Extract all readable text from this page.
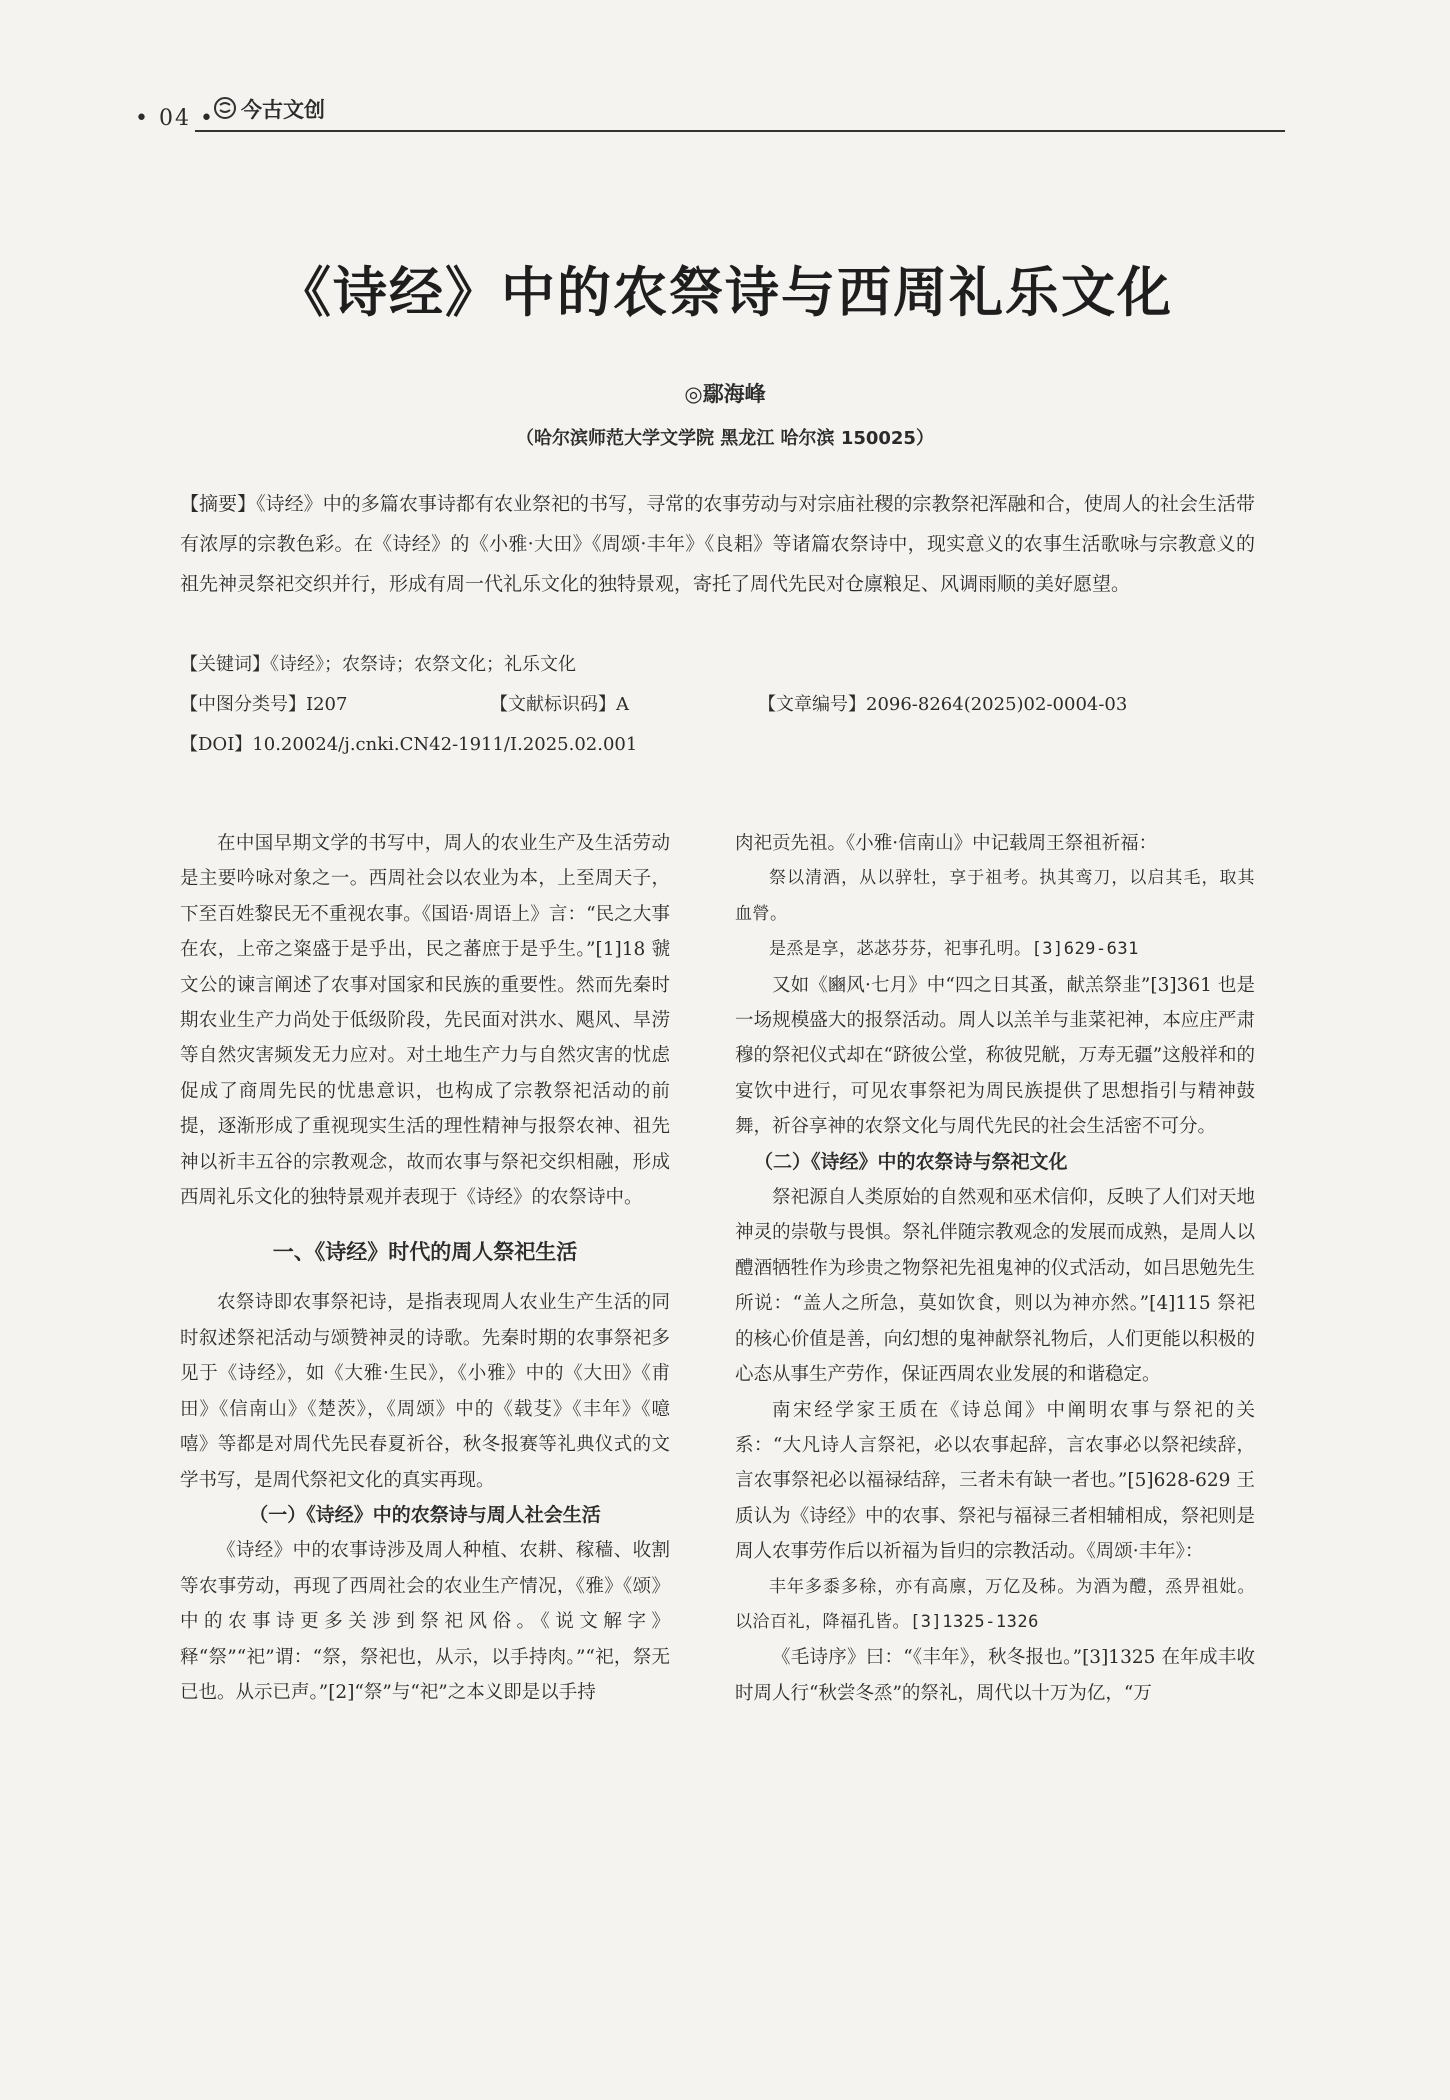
• 04 • 今古文创
《诗经》中的农祭诗与西周礼乐文化
◎鄢海峰
（哈尔滨师范大学文学院 黑龙江 哈尔滨 150025）

【摘要】《诗经》中的多篇农事诗都有农业祭祀的书写，寻常的农事劳动与对宗庙社稷的宗教祭祀浑融和合，使周人的社会生活带有浓厚的宗教色彩。在《诗经》的《小雅·大田》《周颂·丰年》《良耜》等诸篇农祭诗中，现实意义的农事生活歌咏与宗教意义的祖先神灵祭祀交织并行，形成有周一代礼乐文化的独特景观，寄托了周代先民对仓廪粮足、风调雨顺的美好愿望。

【关键词】《诗经》；农祭诗；农祭文化；礼乐文化
【中图分类号】I207	【文献标识码】A	【文章编号】2096-8264(2025)02-0004-03
【DOI】10.20024/j.cnki.CN42-1911/I.2025.02.001

在中国早期文学的书写中，周人的农业生产及生活劳动是主要吟咏对象之一。西周社会以农业为本，上至周天子，下至百姓黎民无不重视农事。《国语·周语上》言：“民之大事在农，上帝之粢盛于是乎出，民之蕃庶于是乎生。”[1]18 虢文公的谏言阐述了农事对国家和民族的重要性。然而先秦时期农业生产力尚处于低级阶段，先民面对洪水、飓风、旱涝等自然灾害频发无力应对。对土地生产力与自然灾害的忧虑促成了商周先民的忧患意识，也构成了宗教祭祀活动的前提，逐渐形成了重视现实生活的理性精神与报祭农神、祖先神以祈丰五谷的宗教观念，故而农事与祭祀交织相融，形成西周礼乐文化的独特景观并表现于《诗经》的农祭诗中。

一、《诗经》时代的周人祭祀生活

农祭诗即农事祭祀诗，是指表现周人农业生产生活的同时叙述祭祀活动与颂赞神灵的诗歌。先秦时期的农事祭祀多见于《诗经》，如《大雅·生民》，《小雅》中的《大田》《甫田》《信南山》《楚茨》，《周颂》中的《载芟》《丰年》《噫嘻》等都是对周代先民春夏祈谷，秋冬报赛等礼典仪式的文学书写，是周代祭祀文化的真实再现。

（一）《诗经》中的农祭诗与周人社会生活

《诗经》中的农事诗涉及周人种植、农耕、稼穑、收割等农事劳动，再现了西周社会的农业生产情况，《雅》《颂》中的农事诗更多关涉到祭祀风俗。《说文解字》释“祭”“祀”谓：“祭，祭祀也，从示，以手持肉。”“祀，祭无已也。从示已声。”[2]“祭”与“祀”之本义即是以手持

肉祀贡先祖。《小雅·信南山》中记载周王祭祖祈福：

祭以清酒，从以骍牡，享于祖考。执其鸾刀，以启其毛，取其血膋。

是烝是享，苾苾芬芬，祀事孔明。[3]629-631

又如《豳风·七月》中“四之日其蚤，献羔祭韭”[3]361 也是一场规模盛大的报祭活动。周人以羔羊与韭菜祀神，本应庄严肃穆的祭祀仪式却在“跻彼公堂，称彼兕觥，万寿无疆”这般祥和的宴饮中进行，可见农事祭祀为周民族提供了思想指引与精神鼓舞，祈谷享神的农祭文化与周代先民的社会生活密不可分。

（二）《诗经》中的农祭诗与祭祀文化

祭祀源自人类原始的自然观和巫术信仰，反映了人们对天地神灵的崇敬与畏惧。祭礼伴随宗教观念的发展而成熟，是周人以醴酒牺牲作为珍贵之物祭祀先祖鬼神的仪式活动，如吕思勉先生所说：“盖人之所急，莫如饮食，则以为神亦然。”[4]115 祭祀的核心价值是善，向幻想的鬼神献祭礼物后，人们更能以积极的心态从事生产劳作，保证西周农业发展的和谐稳定。

南宋经学家王质在《诗总闻》中阐明农事与祭祀的关系：“大凡诗人言祭祀，必以农事起辞，言农事必以祭祀续辞，言农事祭祀必以福禄结辞，三者未有缺一者也。”[5]628-629 王质认为《诗经》中的农事、祭祀与福禄三者相辅相成，祭祀则是周人农事劳作后以祈福为旨归的宗教活动。《周颂·丰年》：

丰年多黍多稌，亦有高廪，万亿及秭。为酒为醴，烝畀祖妣。以洽百礼，降福孔皆。[3]1325-1326

《毛诗序》曰：“《丰年》，秋冬报也。”[3]1325 在年成丰收时周人行“秋尝冬烝”的祭礼，周代以十万为亿，“万
